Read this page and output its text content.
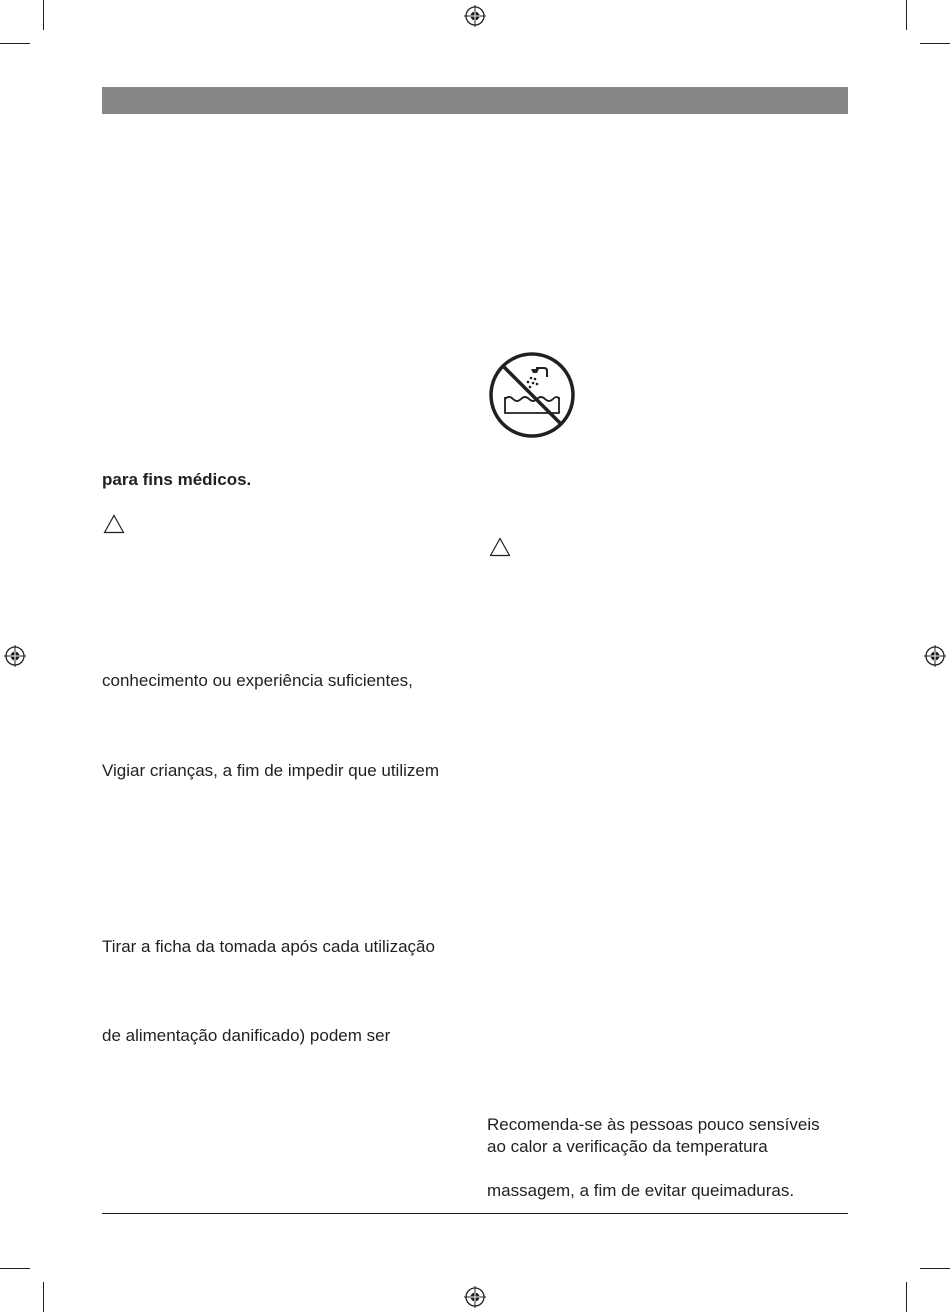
para fins médicos.
conhecimento ou experiência suficientes,
Vigiar crianças, a fim de impedir que utilizem
Tirar a ficha da tomada após cada utilização
de alimentação danificado) podem ser
Recomenda-se às pessoas pouco sensíveis
ao calor a verificação da temperatura
massagem, a fim de evitar queimaduras.
